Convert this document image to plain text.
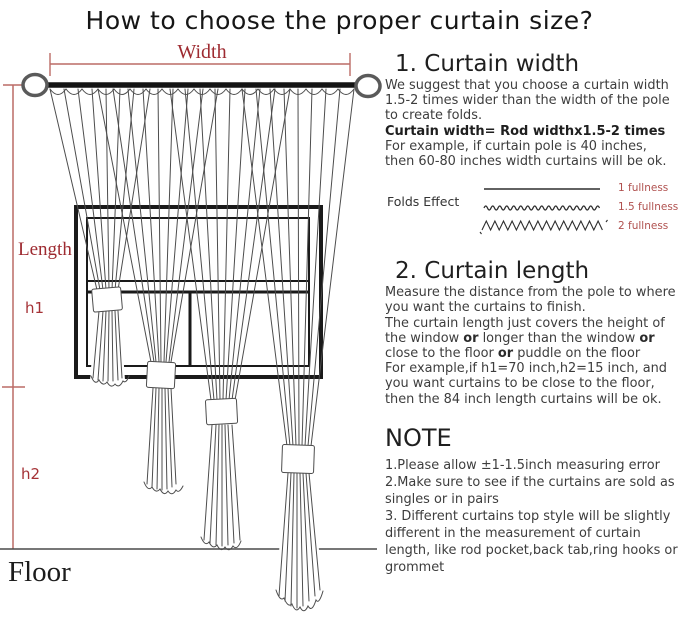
How to choose the proper curtain size?
Width
Length
h1
h2
Floor
1. Curtain width

We suggest that you choose a curtain width 1.5-2 times wider than the width of the pole to create folds.

Curtain width= Rod widthx1.5-2 times

For example, if curtain pole is 40 inches, then 60-80 inches width curtains will be ok.

Folds Effect
1 fullness
1.5 fullness
2 fullness
2. Curtain length

Measure the distance from the pole to where you want the curtains to finish.

The curtain length just covers the height of the window or longer than the window or close to the floor or puddle on the floor

For example,if h1=70 inch,h2=15 inch, and you want curtains to be close to the floor, then the 84 inch length curtains will be ok.

NOTE
1.Please allow ±1-1.5inch measuring error
2.Make sure to see if the curtains are sold as singles or in pairs
3. Different curtains top style will be slightly different in the measurement of curtain length, like rod pocket,back tab,ring hooks or grommet
